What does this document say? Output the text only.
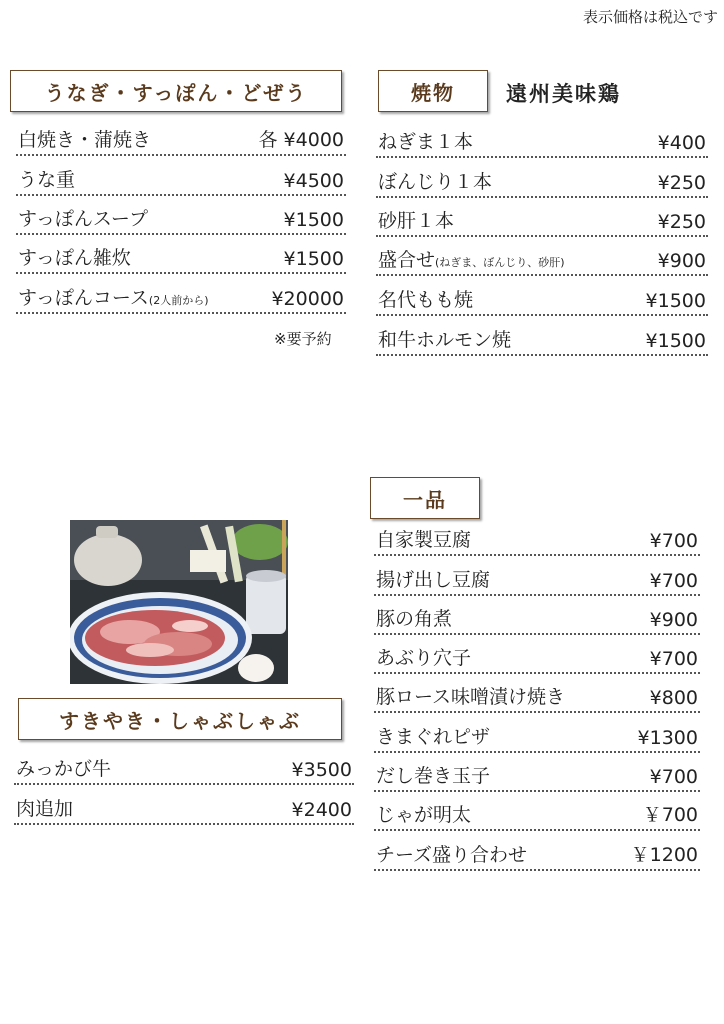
表示価格は税込です
うなぎ・すっぽん・どぜう
白焼き・蒲焼き	各 ¥4000
うな重	¥4500
すっぽんスープ	¥1500
すっぽん雑炊	¥1500
すっぽんコース(2人前から)	¥20000
※要予約
焼物 遠州美味鶏
ねぎま１本	¥400
ぼんじり１本	¥250
砂肝１本	¥250
盛合せ(ねぎま、ぼんじり、砂肝)	¥900
名代もも焼	¥1500
和牛ホルモン焼	¥1500
すきやき・しゃぶしゃぶ
みっかび牛	¥3500
肉追加	¥2400
一品
自家製豆腐	¥700
揚げ出し豆腐	¥700
豚の角煮	¥900
あぶり穴子	¥700
豚ロース味噌漬け焼き	¥800
きまぐれピザ	¥1300
だし巻き玉子	¥700
じゃが明太	￥700
チーズ盛り合わせ	￥1200
